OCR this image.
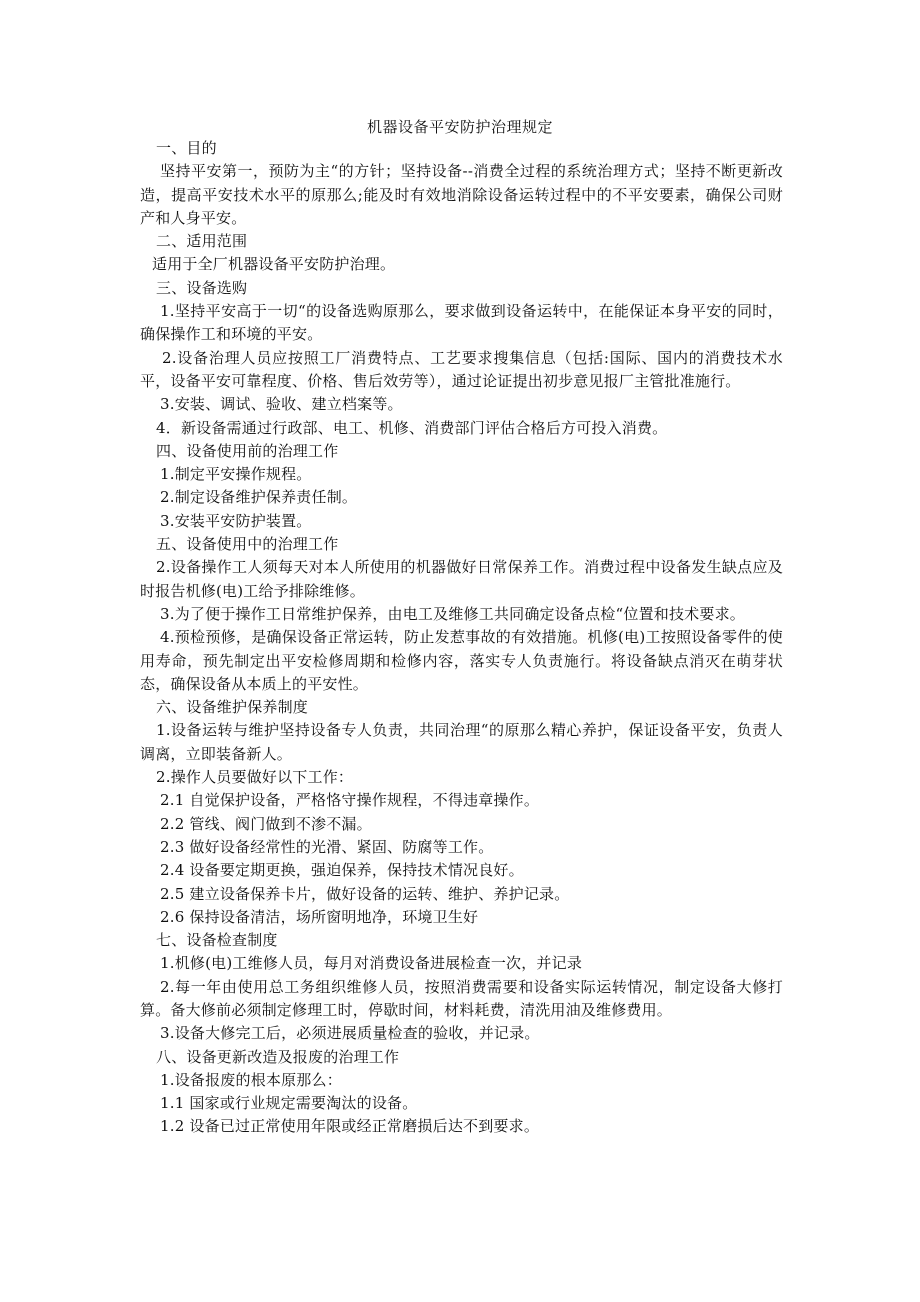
机器设备平安防护治理规定

一、目的

坚持平安第一，预防为主“的方针；坚持设备--消费全过程的系统治理方式；坚持不断更新改造，提高平安技术水平的原那么;能及时有效地消除设备运转过程中的不平安要素，确保公司财产和人身平安。

二、适用范围

适用于全厂机器设备平安防护治理。

三、设备选购

1.坚持平安高于一切“的设备选购原那么，要求做到设备运转中，在能保证本身平安的同时，确保操作工和环境的平安。

2.设备治理人员应按照工厂消费特点、工艺要求搜集信息（包括:国际、国内的消费技术水平，设备平安可靠程度、价格、售后效劳等），通过论证提出初步意见报厂主管批准施行。

3.安装、调试、验收、建立档案等。

4．新设备需通过行政部、电工、机修、消费部门评估合格后方可投入消费。

四、设备使用前的治理工作

1.制定平安操作规程。

2.制定设备维护保养责任制。

3.安装平安防护装置。

五、设备使用中的治理工作

2.设备操作工人须每天对本人所使用的机器做好日常保养工作。消费过程中设备发生缺点应及时报告机修(电)工给予排除维修。

3.为了便于操作工日常维护保养，由电工及维修工共同确定设备点检“位置和技术要求。

4.预检预修，是确保设备正常运转，防止发惹事故的有效措施。机修(电)工按照设备零件的使用寿命，预先制定出平安检修周期和检修内容，落实专人负责施行。将设备缺点消灭在萌芽状态，确保设备从本质上的平安性。

六、设备维护保养制度

1.设备运转与维护坚持设备专人负责，共同治理“的原那么精心养护，保证设备平安，负责人调离，立即装备新人。

2.操作人员要做好以下工作：

2.1 自觉保护设备，严格恪守操作规程，不得违章操作。

2.2 管线、阀门做到不渗不漏。

2.3 做好设备经常性的光滑、紧固、防腐等工作。

2.4 设备要定期更换，强迫保养，保持技术情况良好。

2.5 建立设备保养卡片，做好设备的运转、维护、养护记录。

2.6 保持设备清洁，场所窗明地净，环境卫生好

七、设备检查制度

1.机修(电)工维修人员，每月对消费设备进展检查一次，并记录

2.每一年由使用总工务组织维修人员，按照消费需要和设备实际运转情况，制定设备大修打算。备大修前必须制定修理工时，停歇时间，材料耗费，清洗用油及维修费用。

3.设备大修完工后，必须进展质量检查的验收，并记录。

八、设备更新改造及报废的治理工作

1.设备报废的根本原那么：

1.1 国家或行业规定需要淘汰的设备。

1.2 设备已过正常使用年限或经正常磨损后达不到要求。
